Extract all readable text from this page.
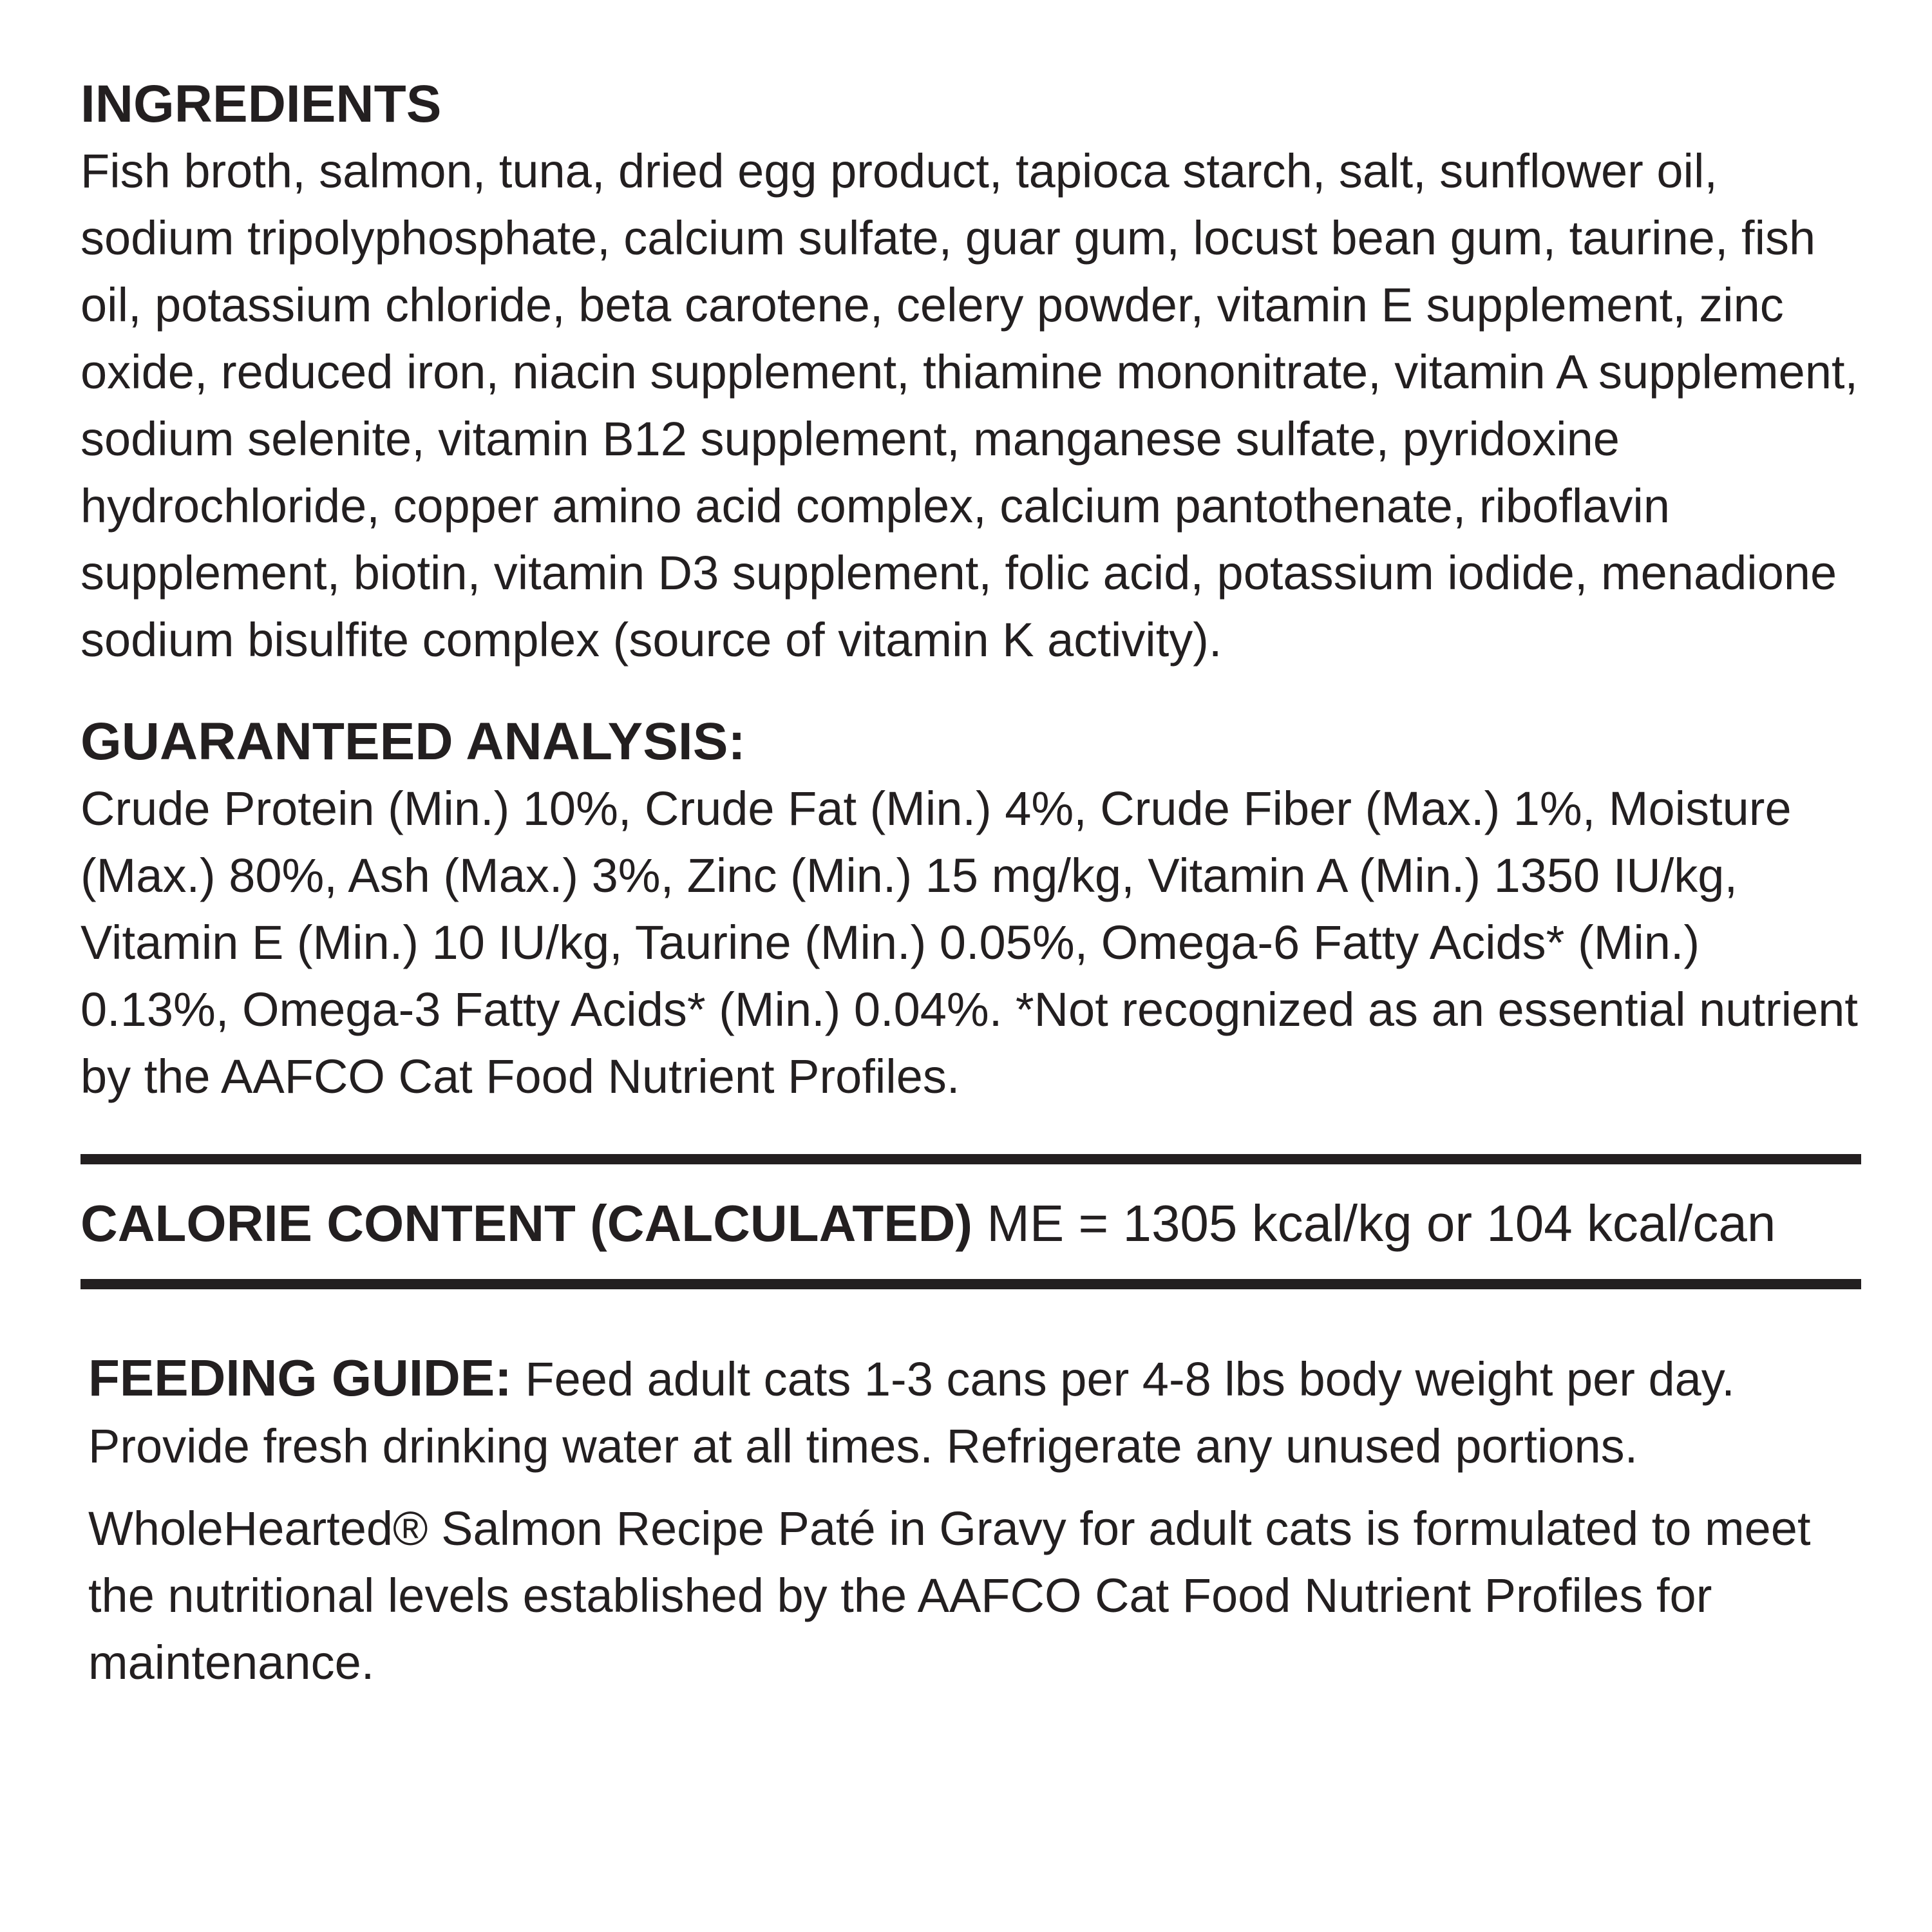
INGREDIENTS

Fish broth, salmon, tuna, dried egg product, tapioca starch, salt, sunflower oil, sodium tripolyphosphate, calcium sulfate, guar gum, locust bean gum, taurine, fish oil, potassium chloride, beta carotene, celery powder, vitamin E supplement, zinc oxide, reduced iron, niacin supplement, thiamine mononitrate, vitamin A supplement, sodium selenite, vitamin B12 supplement, manganese sulfate, pyridoxine hydrochloride, copper amino acid complex, calcium pantothenate, riboflavin supplement, biotin, vitamin D3 supplement, folic acid, potassium iodide, menadione sodium bisulfite complex (source of vitamin K activity).

GUARANTEED ANALYSIS:

Crude Protein (Min.) 10%, Crude Fat (Min.) 4%, Crude Fiber (Max.) 1%, Moisture (Max.) 80%, Ash (Max.) 3%, Zinc (Min.) 15 mg/kg, Vitamin A (Min.) 1350 IU/kg, Vitamin E (Min.) 10 IU/kg, Taurine (Min.) 0.05%, Omega-6 Fatty Acids* (Min.) 0.13%, Omega-3 Fatty Acids* (Min.) 0.04%. *Not recognized as an essential nutrient by the AAFCO Cat Food Nutrient Profiles.

CALORIE CONTENT (CALCULATED) ME = 1305 kcal/kg or 104 kcal/can

FEEDING GUIDE: Feed adult cats 1-3 cans per 4-8 lbs body weight per day. Provide fresh drinking water at all times. Refrigerate any unused portions.

WholeHearted® Salmon Recipe Paté in Gravy for adult cats is formulated to meet the nutritional levels established by the AAFCO Cat Food Nutrient Profiles for maintenance.
